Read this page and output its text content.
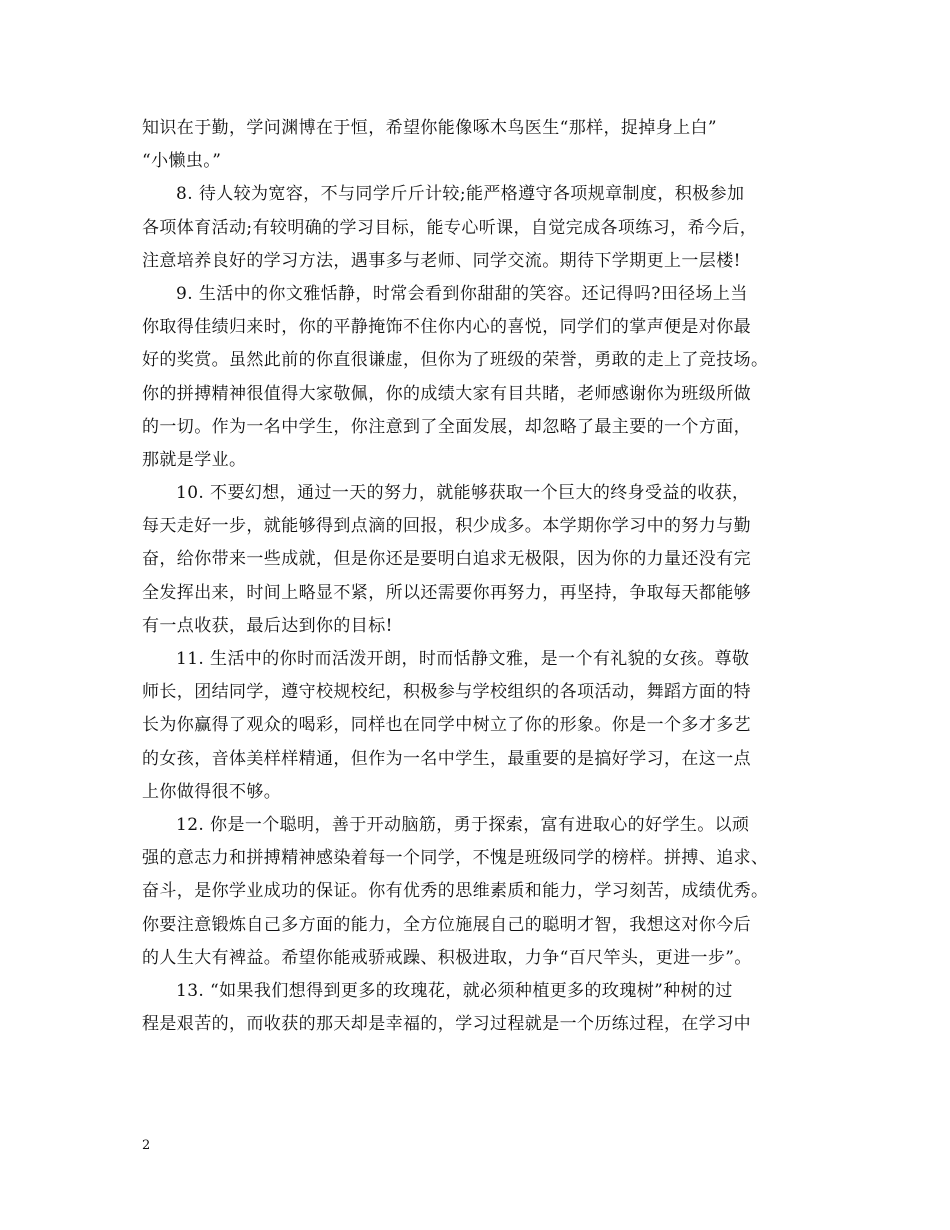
知识在于勤，学问渊博在于恒，希望你能像啄木鸟医生“那样，捉掉身上白”
“小懒虫。”
8. 待人较为宽容，不与同学斤斤计较;能严格遵守各项规章制度，积极参加
各项体育活动;有较明确的学习目标，能专心听课，自觉完成各项练习，希今后，
注意培养良好的学习方法，遇事多与老师、同学交流。期待下学期更上一层楼!
9. 生活中的你文雅恬静，时常会看到你甜甜的笑容。还记得吗?田径场上当
你取得佳绩归来时，你的平静掩饰不住你内心的喜悦，同学们的掌声便是对你最
好的奖赏。虽然此前的你直很谦虚，但你为了班级的荣誉，勇敢的走上了竞技场。
你的拼搏精神很值得大家敬佩，你的成绩大家有目共睹，老师感谢你为班级所做
的一切。作为一名中学生，你注意到了全面发展，却忽略了最主要的一个方面，
那就是学业。
10. 不要幻想，通过一天的努力，就能够获取一个巨大的终身受益的收获，
每天走好一步，就能够得到点滴的回报，积少成多。本学期你学习中的努力与勤
奋，给你带来一些成就，但是你还是要明白追求无极限，因为你的力量还没有完
全发挥出来，时间上略显不紧，所以还需要你再努力，再坚持，争取每天都能够
有一点收获，最后达到你的目标!
11. 生活中的你时而活泼开朗，时而恬静文雅，是一个有礼貌的女孩。尊敬
师长，团结同学，遵守校规校纪，积极参与学校组织的各项活动，舞蹈方面的特
长为你赢得了观众的喝彩，同样也在同学中树立了你的形象。你是一个多才多艺
的女孩，音体美样样精通，但作为一名中学生，最重要的是搞好学习，在这一点
上你做得很不够。
12. 你是一个聪明，善于开动脑筋，勇于探索，富有进取心的好学生。以顽
强的意志力和拼搏精神感染着每一个同学，不愧是班级同学的榜样。拼搏、追求、
奋斗，是你学业成功的保证。你有优秀的思维素质和能力，学习刻苦，成绩优秀。
你要注意锻炼自己多方面的能力，全方位施展自己的聪明才智，我想这对你今后
的人生大有裨益。希望你能戒骄戒躁、积极进取，力争“百尺竿头，更进一步”。
13. “如果我们想得到更多的玫瑰花，就必须种植更多的玫瑰树”种树的过
程是艰苦的，而收获的那天却是幸福的，学习过程就是一个历练过程，在学习中
2
